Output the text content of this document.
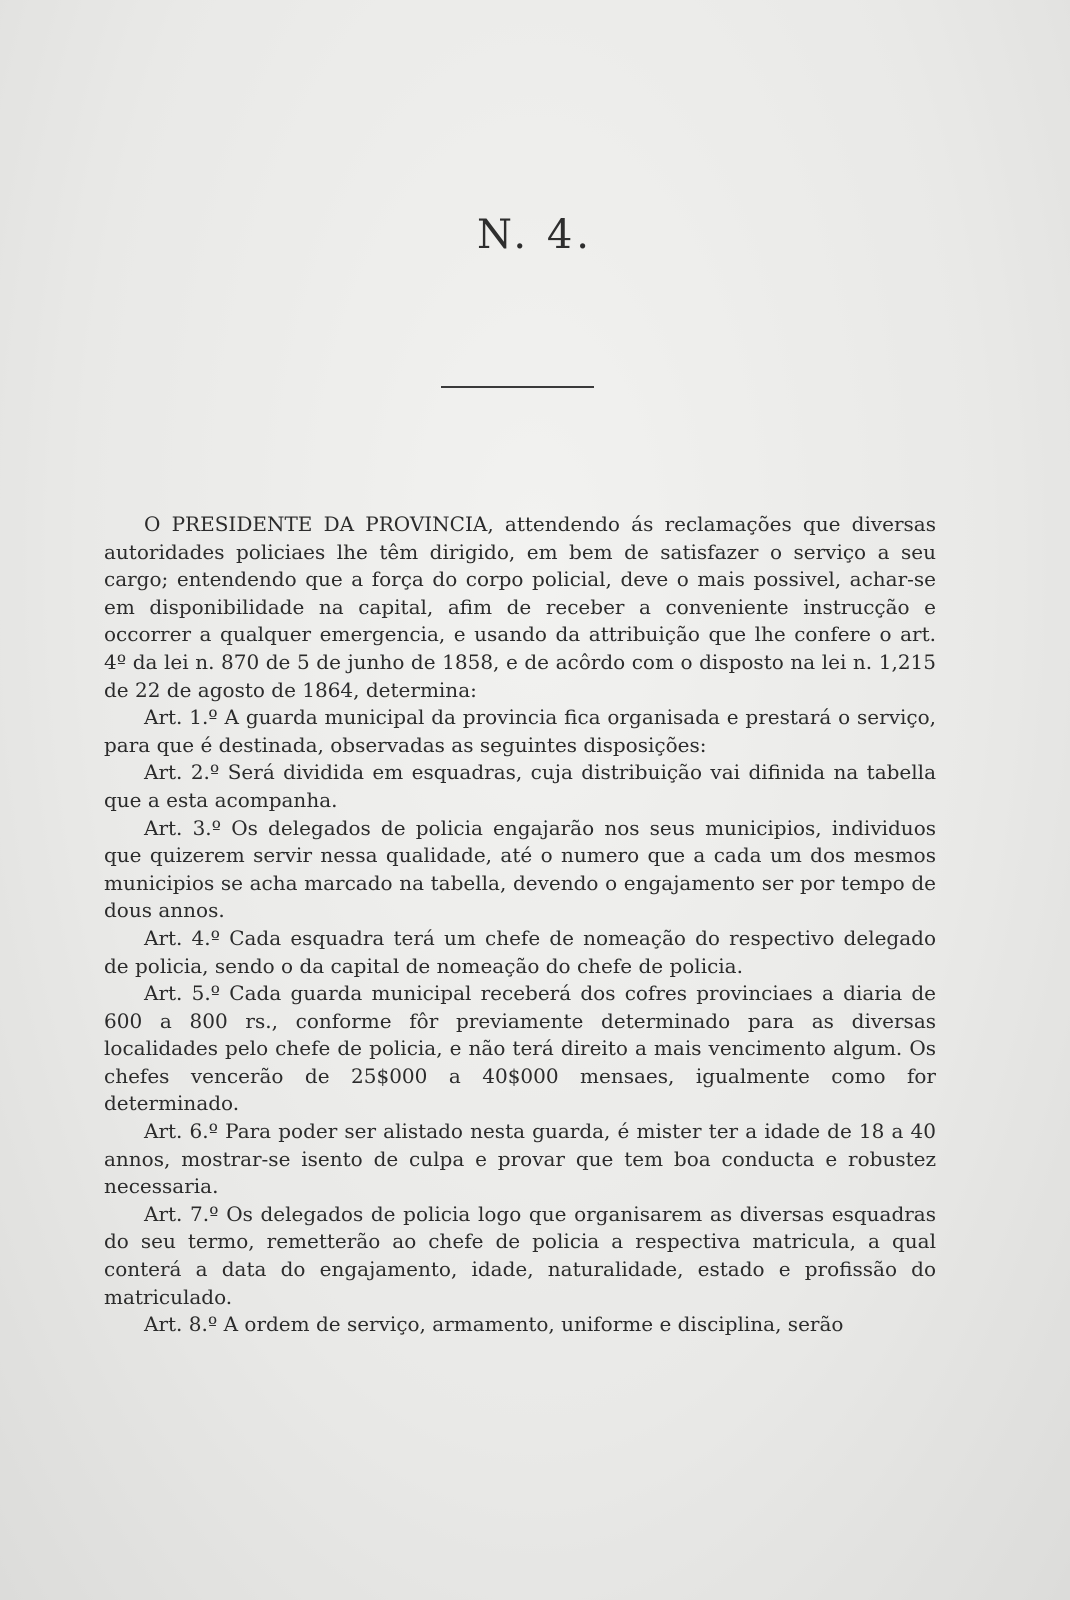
N. 4.

O PRESIDENTE DA PROVINCIA, attendendo ás reclamações que diversas autoridades policiaes lhe têm dirigido, em bem de satisfazer o serviço a seu cargo; entendendo que a força do corpo policial, deve o mais possivel, achar-se em disponibilidade na capital, afim de receber a conveniente instrucção e occorrer a qualquer emergencia, e usando da attribuição que lhe confere o art. 4º da lei n. 870 de 5 de junho de 1858, e de acôrdo com o disposto na lei n. 1,215 de 22 de agosto de 1864, determina:

Art. 1.º A guarda municipal da provincia fica organisada e prestará o serviço, para que é destinada, observadas as seguintes disposições:

Art. 2.º Será dividida em esquadras, cuja distribuição vai difinida na tabella que a esta acompanha.

Art. 3.º Os delegados de policia engajarão nos seus municipios, individuos que quizerem servir nessa qualidade, até o numero que a cada um dos mesmos municipios se acha marcado na tabella, devendo o engajamento ser por tempo de dous annos.

Art. 4.º Cada esquadra terá um chefe de nomeação do respectivo delegado de policia, sendo o da capital de nomeação do chefe de policia.

Art. 5.º Cada guarda municipal receberá dos cofres provinciaes a diaria de 600 a 800 rs., conforme fôr previamente determinado para as diversas localidades pelo chefe de policia, e não terá direito a mais vencimento algum. Os chefes vencerão de 25$000 a 40$000 mensaes, igualmente como for determinado.

Art. 6.º Para poder ser alistado nesta guarda, é mister ter a idade de 18 a 40 annos, mostrar-se isento de culpa e provar que tem boa conducta e robustez necessaria.

Art. 7.º Os delegados de policia logo que organisarem as diversas esquadras do seu termo, remetterão ao chefe de policia a respectiva matricula, a qual conterá a data do engajamento, idade, naturalidade, estado e profissão do matriculado.

Art. 8.º A ordem de serviço, armamento, uniforme e disciplina, serão
